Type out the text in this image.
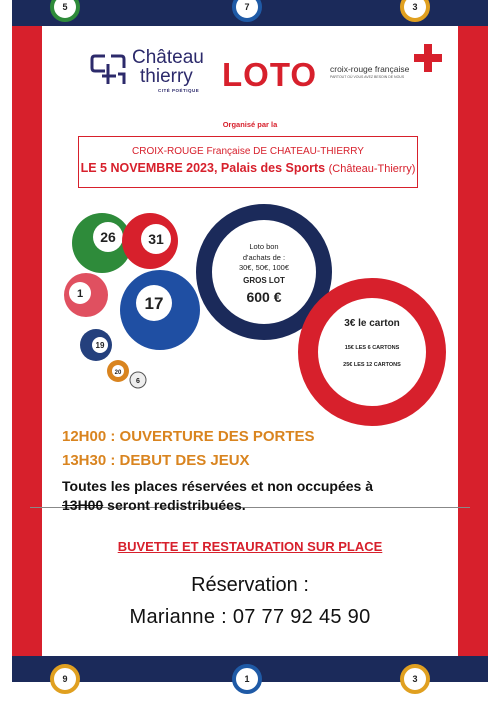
5	7	3
9	1	3
Château
thierry
CITÉ POÉTIQUE LOTO croix-rouge française
PARTOUT OÙ VOUS AVEZ BESOIN DE NOUS
Organisé par la
CROIX-ROUGE Française DE CHATEAU-THIERRY
LE 5 NOVEMBRE 2023, Palais des Sports (Château-Thierry)
26 31
1	17
19
20
6
Loto bon
d'achats de :
30€, 50€, 100€
GROS LOT
600 €
3€ le carton
15€ LES 6 CARTONS
25€ LES 12 CARTONS
12H00 : OUVERTURE DES PORTES
13H30 : DEBUT DES JEUX
Toutes les places réservées et non occupées à
13H00 seront redistribuées.
BUVETTE ET RESTAURATION SUR PLACE
Réservation :
Marianne : 07 77 92 45 90
